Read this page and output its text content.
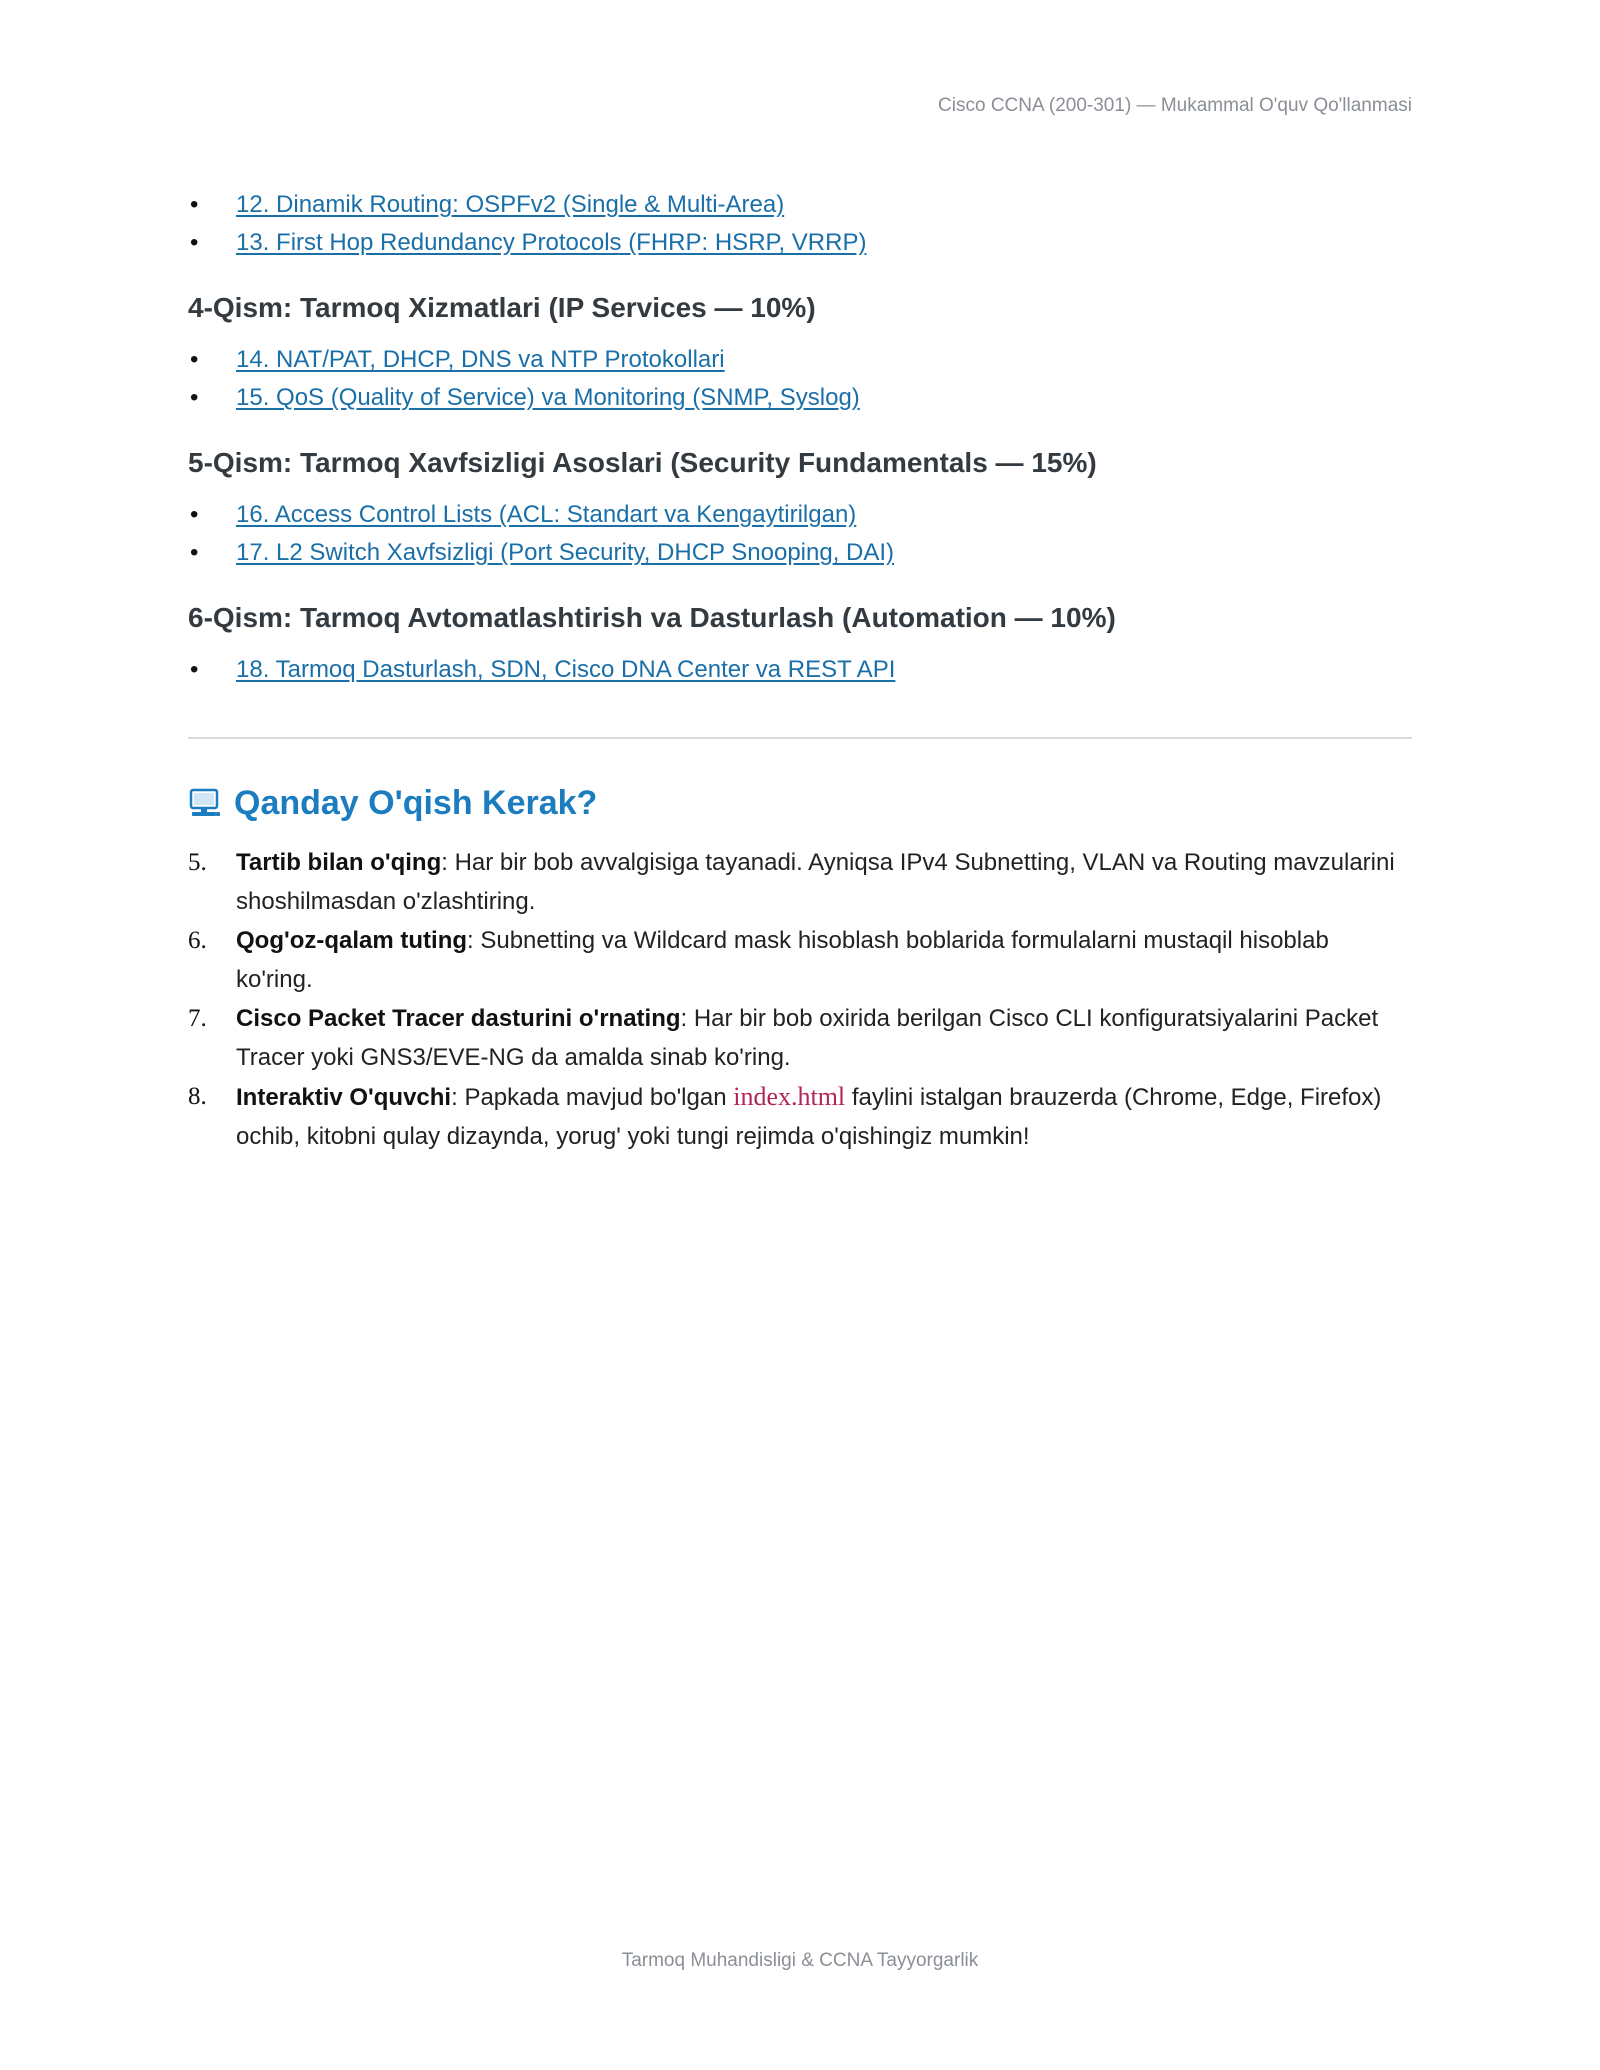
Cisco CCNA (200-301) — Mukammal O'quv Qo'llanmasi
• 12. Dinamik Routing: OSPFv2 (Single & Multi-Area)
• 13. First Hop Redundancy Protocols (FHRP: HSRP, VRRP)
4-Qism: Tarmoq Xizmatlari (IP Services — 10%)
• 14. NAT/PAT, DHCP, DNS va NTP Protokollari
• 15. QoS (Quality of Service) va Monitoring (SNMP, Syslog)
5-Qism: Tarmoq Xavfsizligi Asoslari (Security Fundamentals — 15%)
• 16. Access Control Lists (ACL: Standart va Kengaytirilgan)
• 17. L2 Switch Xavfsizligi (Port Security, DHCP Snooping, DAI)
6-Qism: Tarmoq Avtomatlashtirish va Dasturlash (Automation — 10%)
• 18. Tarmoq Dasturlash, SDN, Cisco DNA Center va REST API
Qanday O'qish Kerak?
5. Tartib bilan o'qing: Har bir bob avvalgisiga tayanadi. Ayniqsa IPv4 Subnetting, VLAN va Routing mavzularini shoshilmasdan o'zlashtiring.
6. Qog'oz-qalam tuting: Subnetting va Wildcard mask hisoblash boblarida formulalarni mustaqil hisoblab ko'ring.
7. Cisco Packet Tracer dasturini o'rnating: Har bir bob oxirida berilgan Cisco CLI konfiguratsiyalarini Packet Tracer yoki GNS3/EVE-NG da amalda sinab ko'ring.
8. Interaktiv O'quvchi: Papkada mavjud bo'lgan index.html faylini istalgan brauzerda (Chrome, Edge, Firefox) ochib, kitobni qulay dizaynda, yorug' yoki tungi rejimda o'qishingiz mumkin!
Tarmoq Muhandisligi & CCNA Tayyorgarlik
